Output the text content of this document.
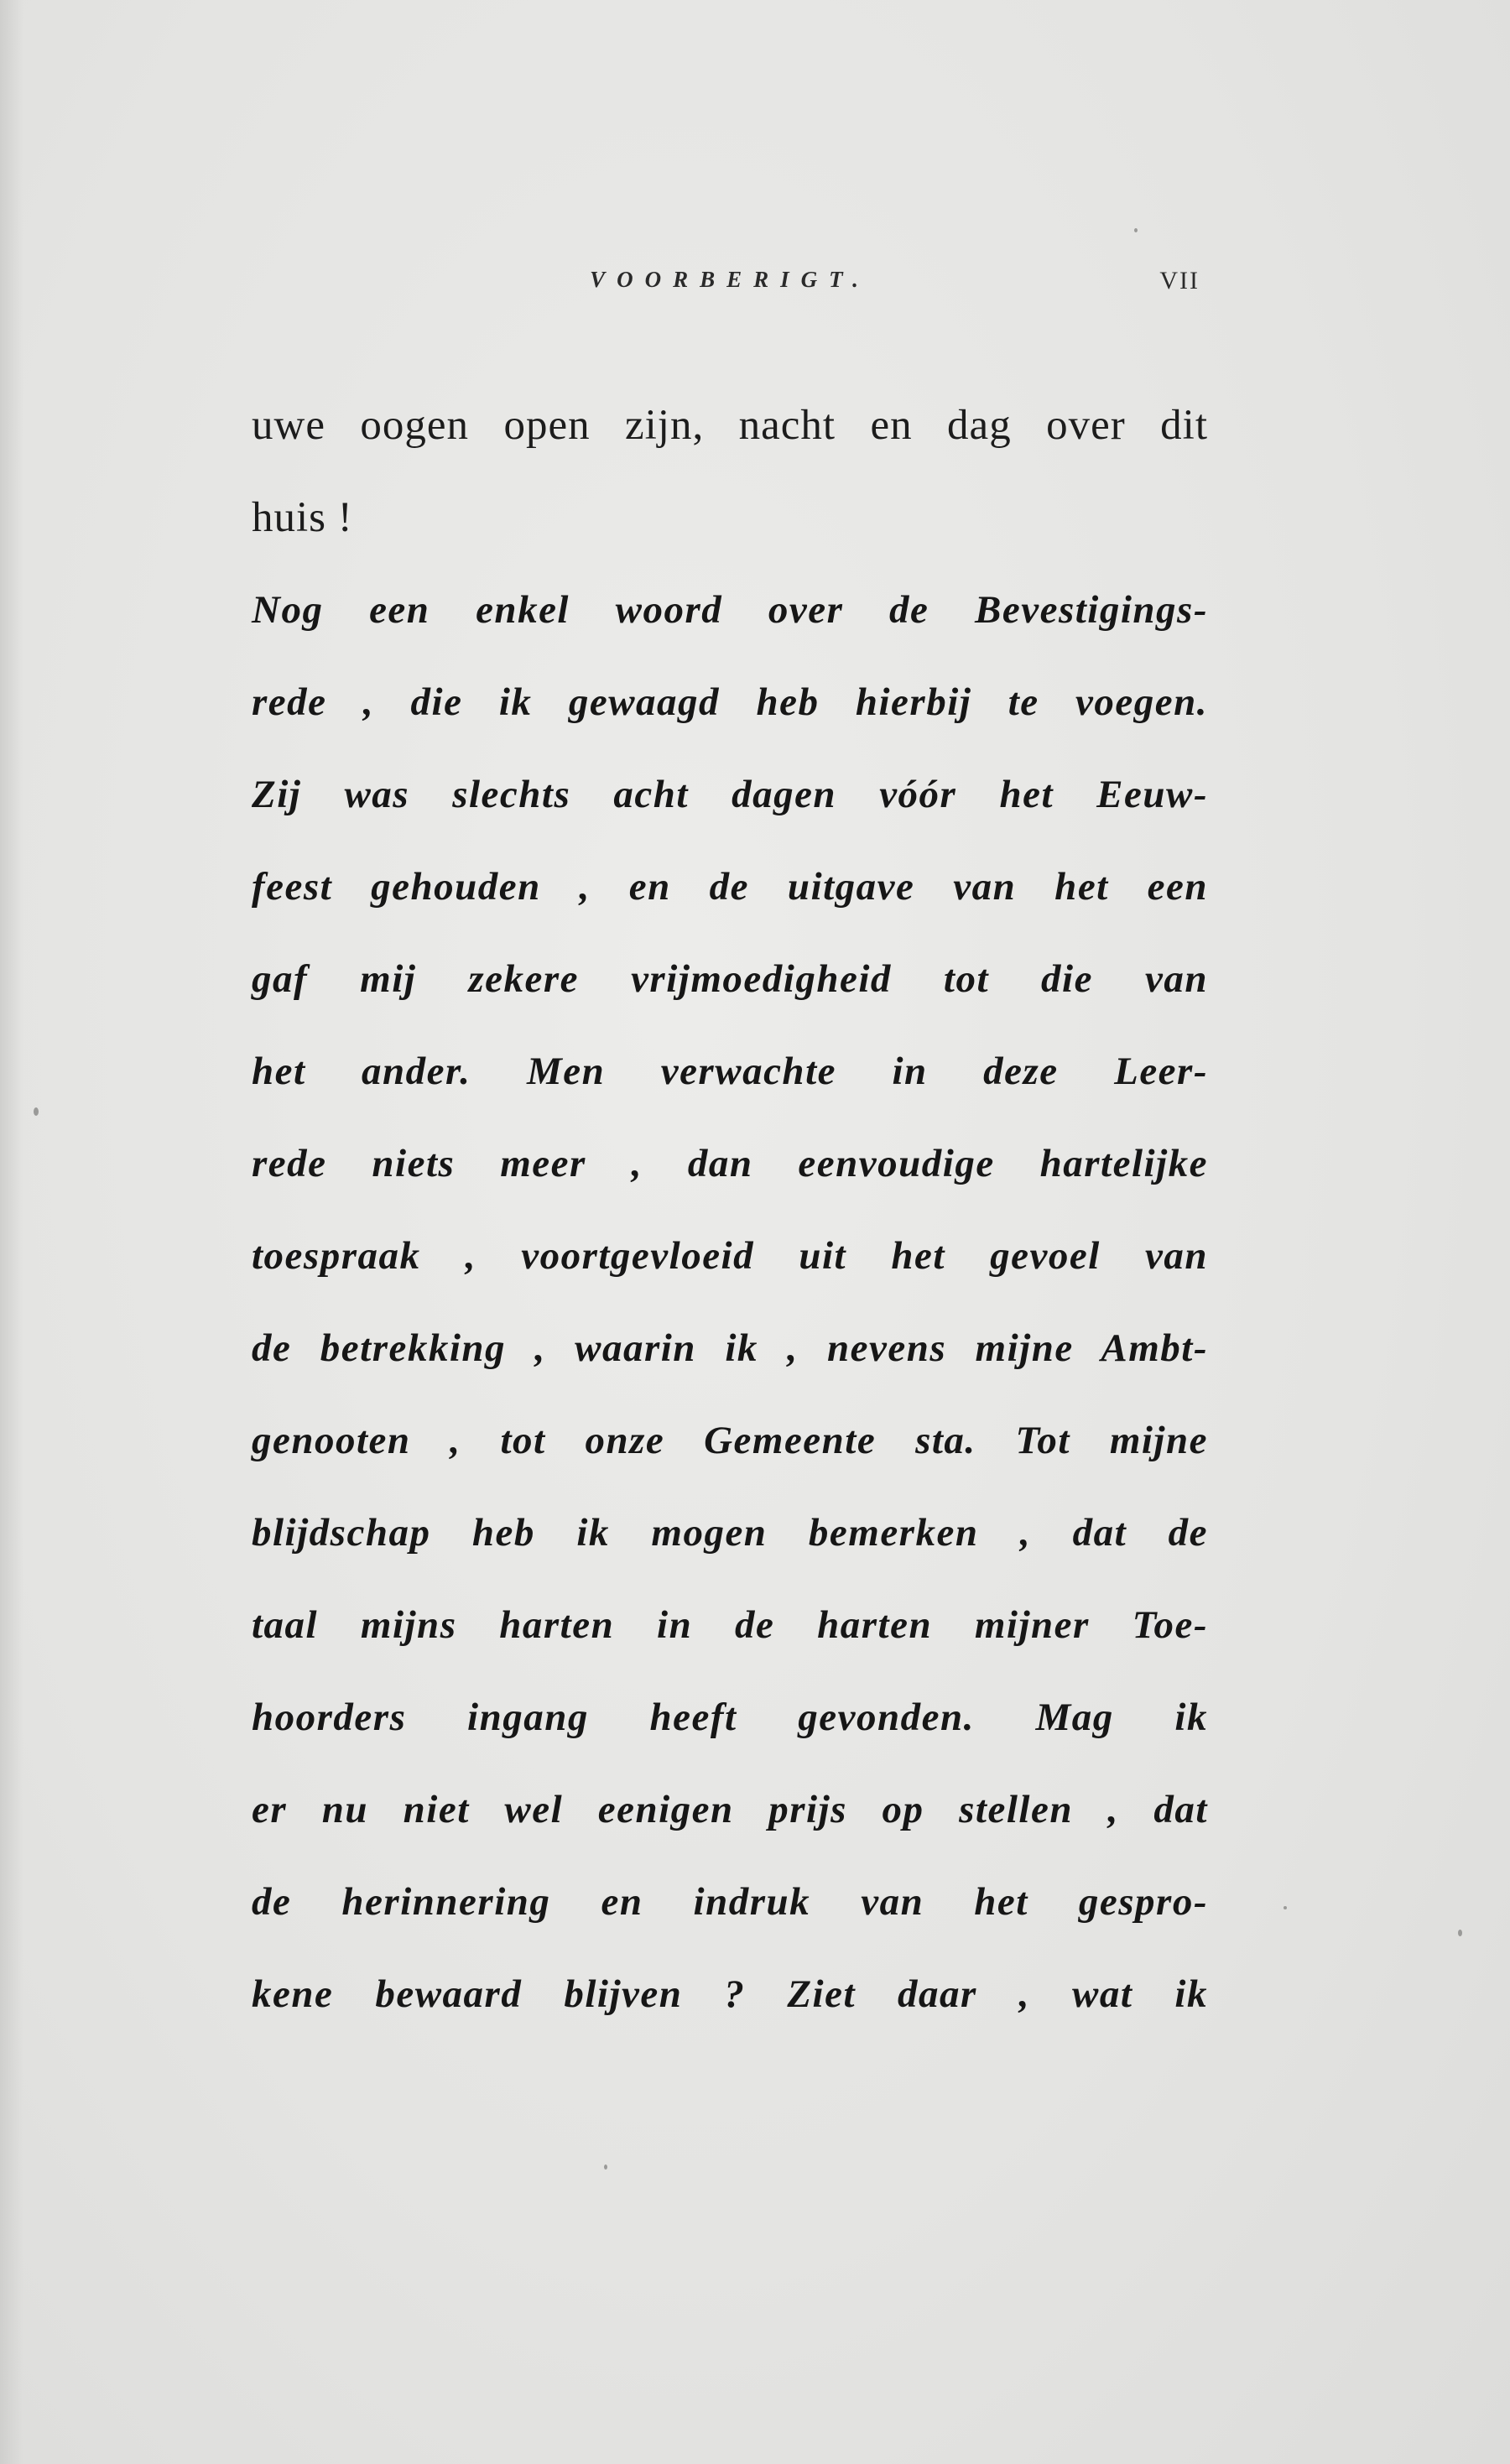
VOORBERIGT.	VII
uwe oogen open zijn, nacht en dag over dit
huis !
Nog een enkel woord over de Bevestigings-
rede , die ik gewaagd heb hierbij te voegen.
Zij was slechts acht dagen vóór het Eeuw-
feest gehouden , en de uitgave van het een
gaf mij zekere vrijmoedigheid tot die van
het ander. Men verwachte in deze Leer-
rede niets meer , dan eenvoudige hartelijke
toespraak , voortgevloeid uit het gevoel van
de betrekking , waarin ik , nevens mijne Ambt-
genooten , tot onze Gemeente sta. Tot mijne
blijdschap heb ik mogen bemerken , dat de
taal mijns harten in de harten mijner Toe-
hoorders ingang heeft gevonden. Mag ik
er nu niet wel eenigen prijs op stellen , dat
de herinnering en indruk van het gespro-
kene bewaard blijven ? Ziet daar , wat ik
